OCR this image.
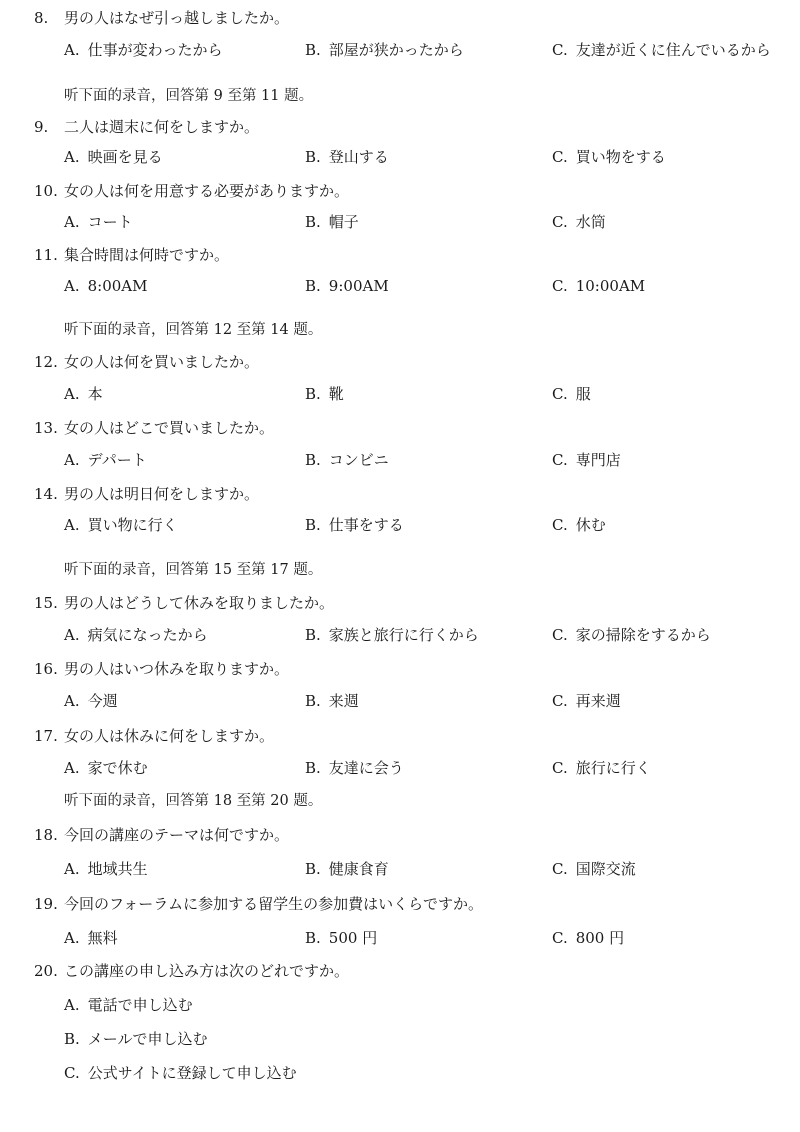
8. 男の人はなぜ引っ越しましたか。
A. 仕事が変わったから	B. 部屋が狭かったから	C. 友達が近くに住んでいるから
听下面的录音，回答第 9 至第 11 题。
9. 二人は週末に何をしますか。
A. 映画を見る	B. 登山する	C. 買い物をする
10. 女の人は何を用意する必要がありますか。
A. コート	B. 帽子	C. 水筒
11. 集合時間は何時ですか。
A. 8:00AM	B. 9:00AM	C. 10:00AM
听下面的录音，回答第 12 至第 14 题。
12. 女の人は何を買いましたか。
A. 本	B. 靴	C. 服
13. 女の人はどこで買いましたか。
A. デパート	B. コンビニ	C. 専門店
14. 男の人は明日何をしますか。
A. 買い物に行く	B. 仕事をする	C. 休む
听下面的录音，回答第 15 至第 17 题。
15. 男の人はどうして休みを取りましたか。
A. 病気になったから	B. 家族と旅行に行くから	C. 家の掃除をするから
16. 男の人はいつ休みを取りますか。
A. 今週	B. 来週	C. 再来週
17. 女の人は休みに何をしますか。
A. 家で休む	B. 友達に会う	C. 旅行に行く
听下面的录音，回答第 18 至第 20 题。
18. 今回の講座のテーマは何ですか。
A. 地域共生	B. 健康食育	C. 国際交流
19. 今回のフォーラムに参加する留学生の参加費はいくらですか。
A. 無料	B. 500 円	C. 800 円
20. この講座の申し込み方は次のどれですか。
A. 電話で申し込む
B. メールで申し込む
C. 公式サイトに登録して申し込む
